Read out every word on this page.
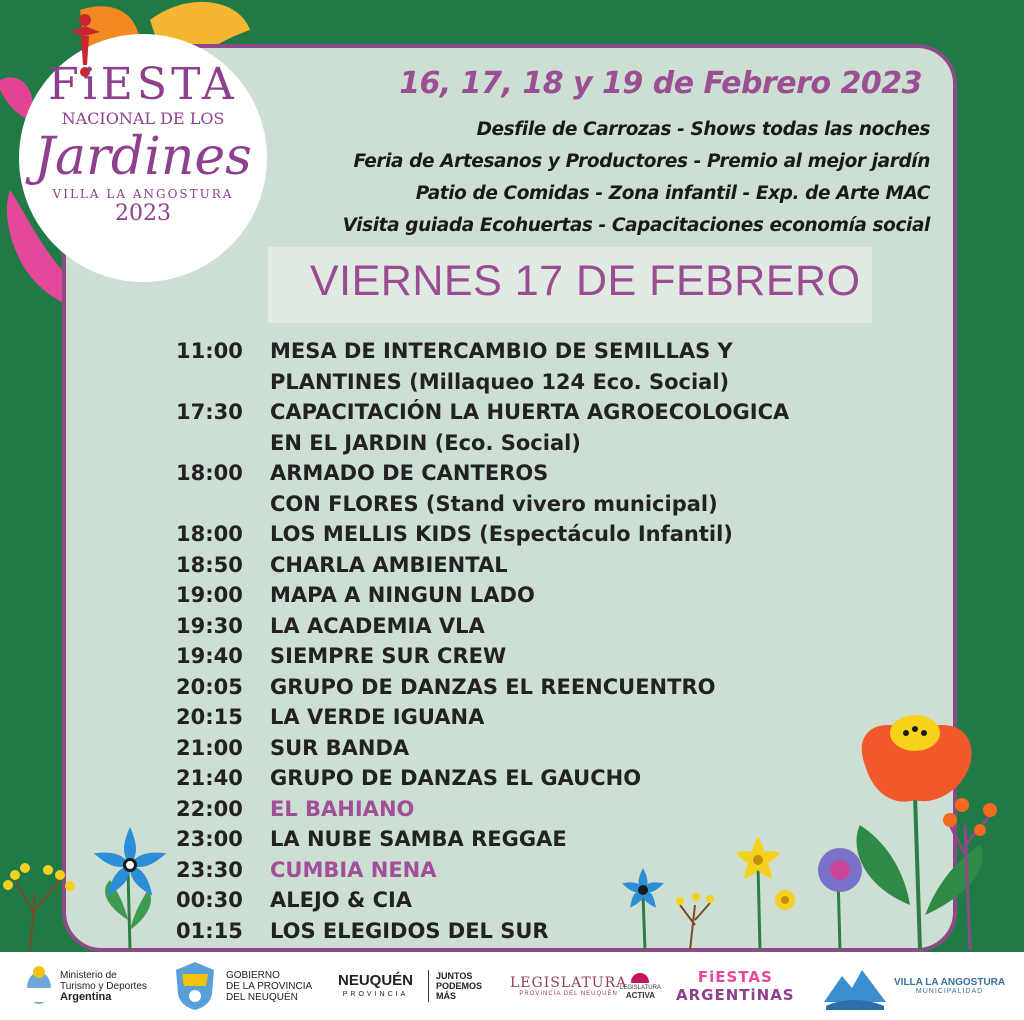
FiESTA
NACIONAL DE LOS
Jardines
VILLA LA ANGOSTURA
2023
16, 17, 18 y 19 de Febrero 2023
Desfile de Carrozas - Shows todas las noches
Feria de Artesanos y Productores - Premio al mejor jardín
Patio de Comidas - Zona infantil - Exp. de Arte MAC
Visita guiada Ecohuertas - Capacitaciones economía social
VIERNES 17 DE FEBRERO
11:00	MESA DE INTERCAMBIO DE SEMILLAS Y
PLANTINES (Millaqueo 124 Eco. Social)
17:30	CAPACITACIÓN LA HUERTA AGROECOLOGICA
EN EL JARDIN (Eco. Social)
18:00	ARMADO DE CANTEROS
CON FLORES (Stand vivero municipal)
18:00	LOS MELLIS KIDS (Espectáculo Infantil)
18:50	CHARLA AMBIENTAL
19:00	MAPA A NINGUN LADO
19:30	LA ACADEMIA VLA
19:40	SIEMPRE SUR CREW
20:05	GRUPO DE DANZAS EL REENCUENTRO
20:15	LA VERDE IGUANA
21:00	SUR BANDA
21:40	GRUPO DE DANZAS EL GAUCHO
22:00	EL BAHIANO
23:00	LA NUBE SAMBA REGGAE
23:30	CUMBIA NENA
00:30	ALEJO & CIA
01:15	LOS ELEGIDOS DEL SUR
Ministerio de
Turismo y Deportes
Argentina
GOBIERNO
DE LA PROVINCIA
DEL NEUQUÉN
NEUQUÉN
PROVINCIA
JUNTOS
PODEMOS
MÁS
LEGISLATURA
PROVINCIA DEL NEUQUÉN
LEGISLATURA
ACTIVA
FiESTAS
ARGENTiNAS
VILLA LA ANGOSTURA
MUNICIPALIDAD
